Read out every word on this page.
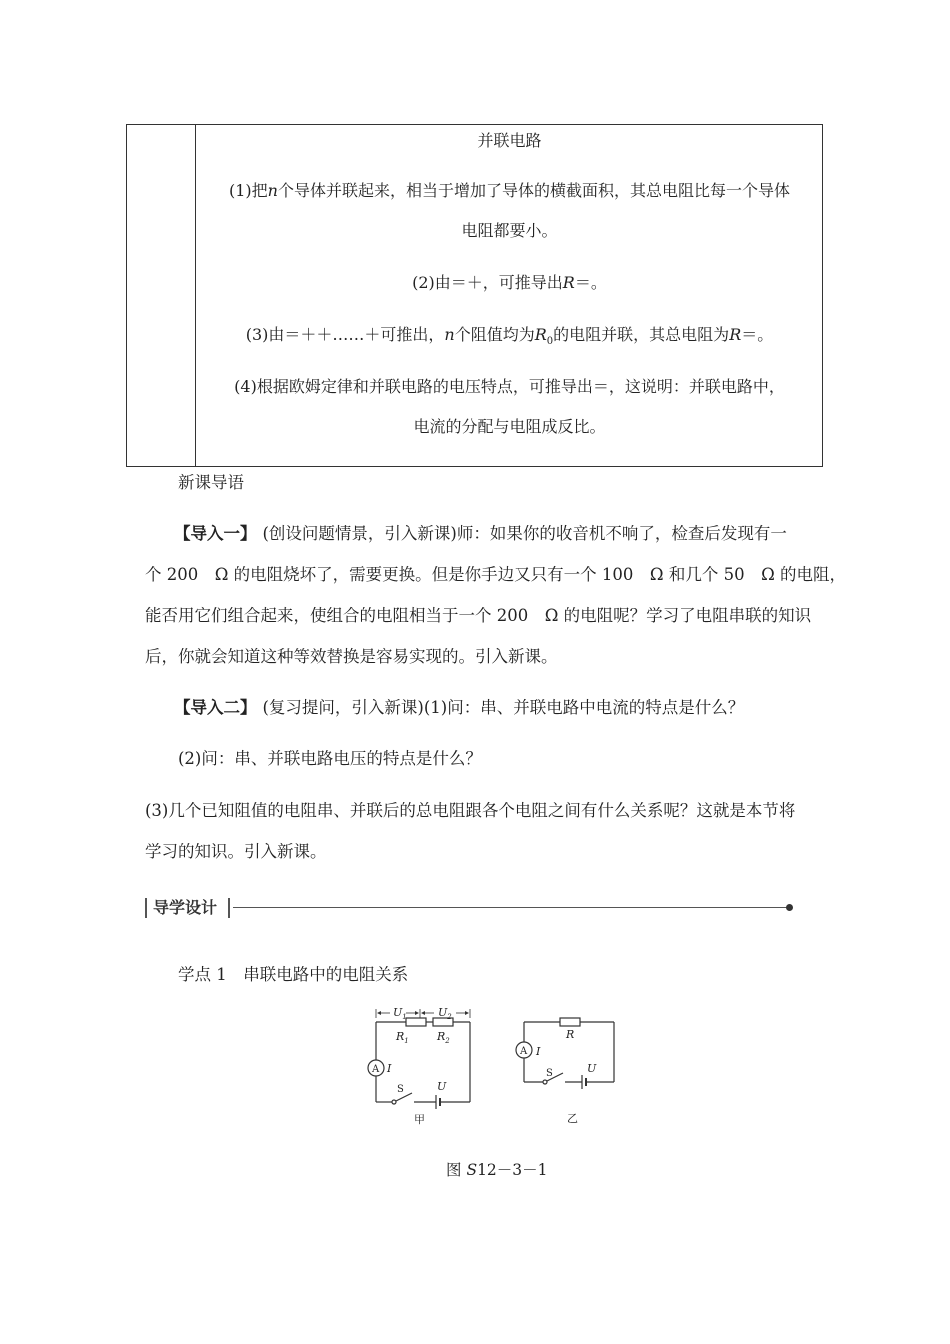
并联电路
(1)把n个导体并联起来，相当于增加了导体的横截面积，其总电阻比每一个导体
电阻都要小。
(2)由＝＋，可推导出R＝。
(3)由＝＋＋……＋可推出，n个阻值均为$R_0$的电阻并联，其总电阻为R＝。
(4)根据欧姆定律和并联电路的电压特点，可推导出＝，这说明：并联电路中，
电流的分配与电阻成反比。
新课导语
【导入一】 (创设问题情景，引入新课)师：如果你的收音机不响了，检查后发现有一
个 200　Ω 的电阻烧坏了，需要更换。但是你手边又只有一个 100　Ω 和几个 50　Ω 的电阻，
能否用它们组合起来，使组合的电阻相当于一个 200　Ω 的电阻呢？学习了电阻串联的知识
后，你就会知道这种等效替换是容易实现的。引入新课。
【导入二】 (复习提问，引入新课)(1)问：串、并联电路中电流的特点是什么？
(2)问：串、并联电路电压的特点是什么？
(3)几个已知阻值的电阻串、并联后的总电阻跟各个电阻之间有什么关系呢？这就是本节将
学习的知识。引入新课。
导学设计
学点 1　串联电路中的电阻关系
$U_1$	$U_2$
$R_1$	$R_2$
A I
S	U
甲
R
A I
S	U
乙
图 S12－3－1
